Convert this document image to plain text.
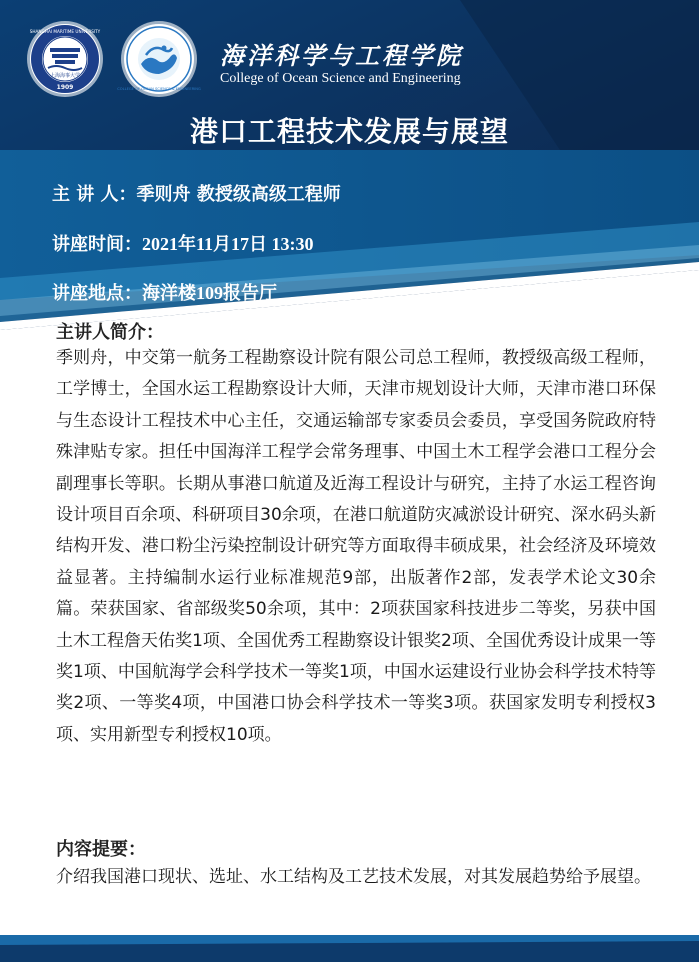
SHANGHAI MARITIME UNIVERSITY
上海海事大学
1909	COLLEGE OF OCEAN SCIENCE & ENGINEERING
海洋科学与工程学院
College of Ocean Science and Engineering
港口工程技术发展与展望
主 讲 人：季则舟 教授级高级工程师
讲座时间：2021年11月17日 13:30
讲座地点：海洋楼109报告厅
主讲人简介：
季则舟，中交第一航务工程勘察设计院有限公司总工程师，教授级高级工程师，工学博士，全国水运工程勘察设计大师，天津市规划设计大师，天津市港口环保与生态设计工程技术中心主任，交通运输部专家委员会委员，享受国务院政府特殊津贴专家。担任中国海洋工程学会常务理事、中国土木工程学会港口工程分会副理事长等职。长期从事港口航道及近海工程设计与研究，主持了水运工程咨询设计项目百余项、科研项目30余项，在港口航道防灾减淤设计研究、深水码头新结构开发、港口粉尘污染控制设计研究等方面取得丰硕成果，社会经济及环境效益显著。主持编制水运行业标准规范9部，出版著作2部，发表学术论文30余篇。荣获国家、省部级奖50余项，其中：2项获国家科技进步二等奖，另获中国土木工程詹天佑奖1项、全国优秀工程勘察设计银奖2项、全国优秀设计成果一等奖1项、中国航海学会科学技术一等奖1项，中国水运建设行业协会科学技术特等奖2项、一等奖4项，中国港口协会科学技术一等奖3项。获国家发明专利授权3项、实用新型专利授权10项。
内容提要：
介绍我国港口现状、选址、水工结构及工艺技术发展，对其发展趋势给予展望。
